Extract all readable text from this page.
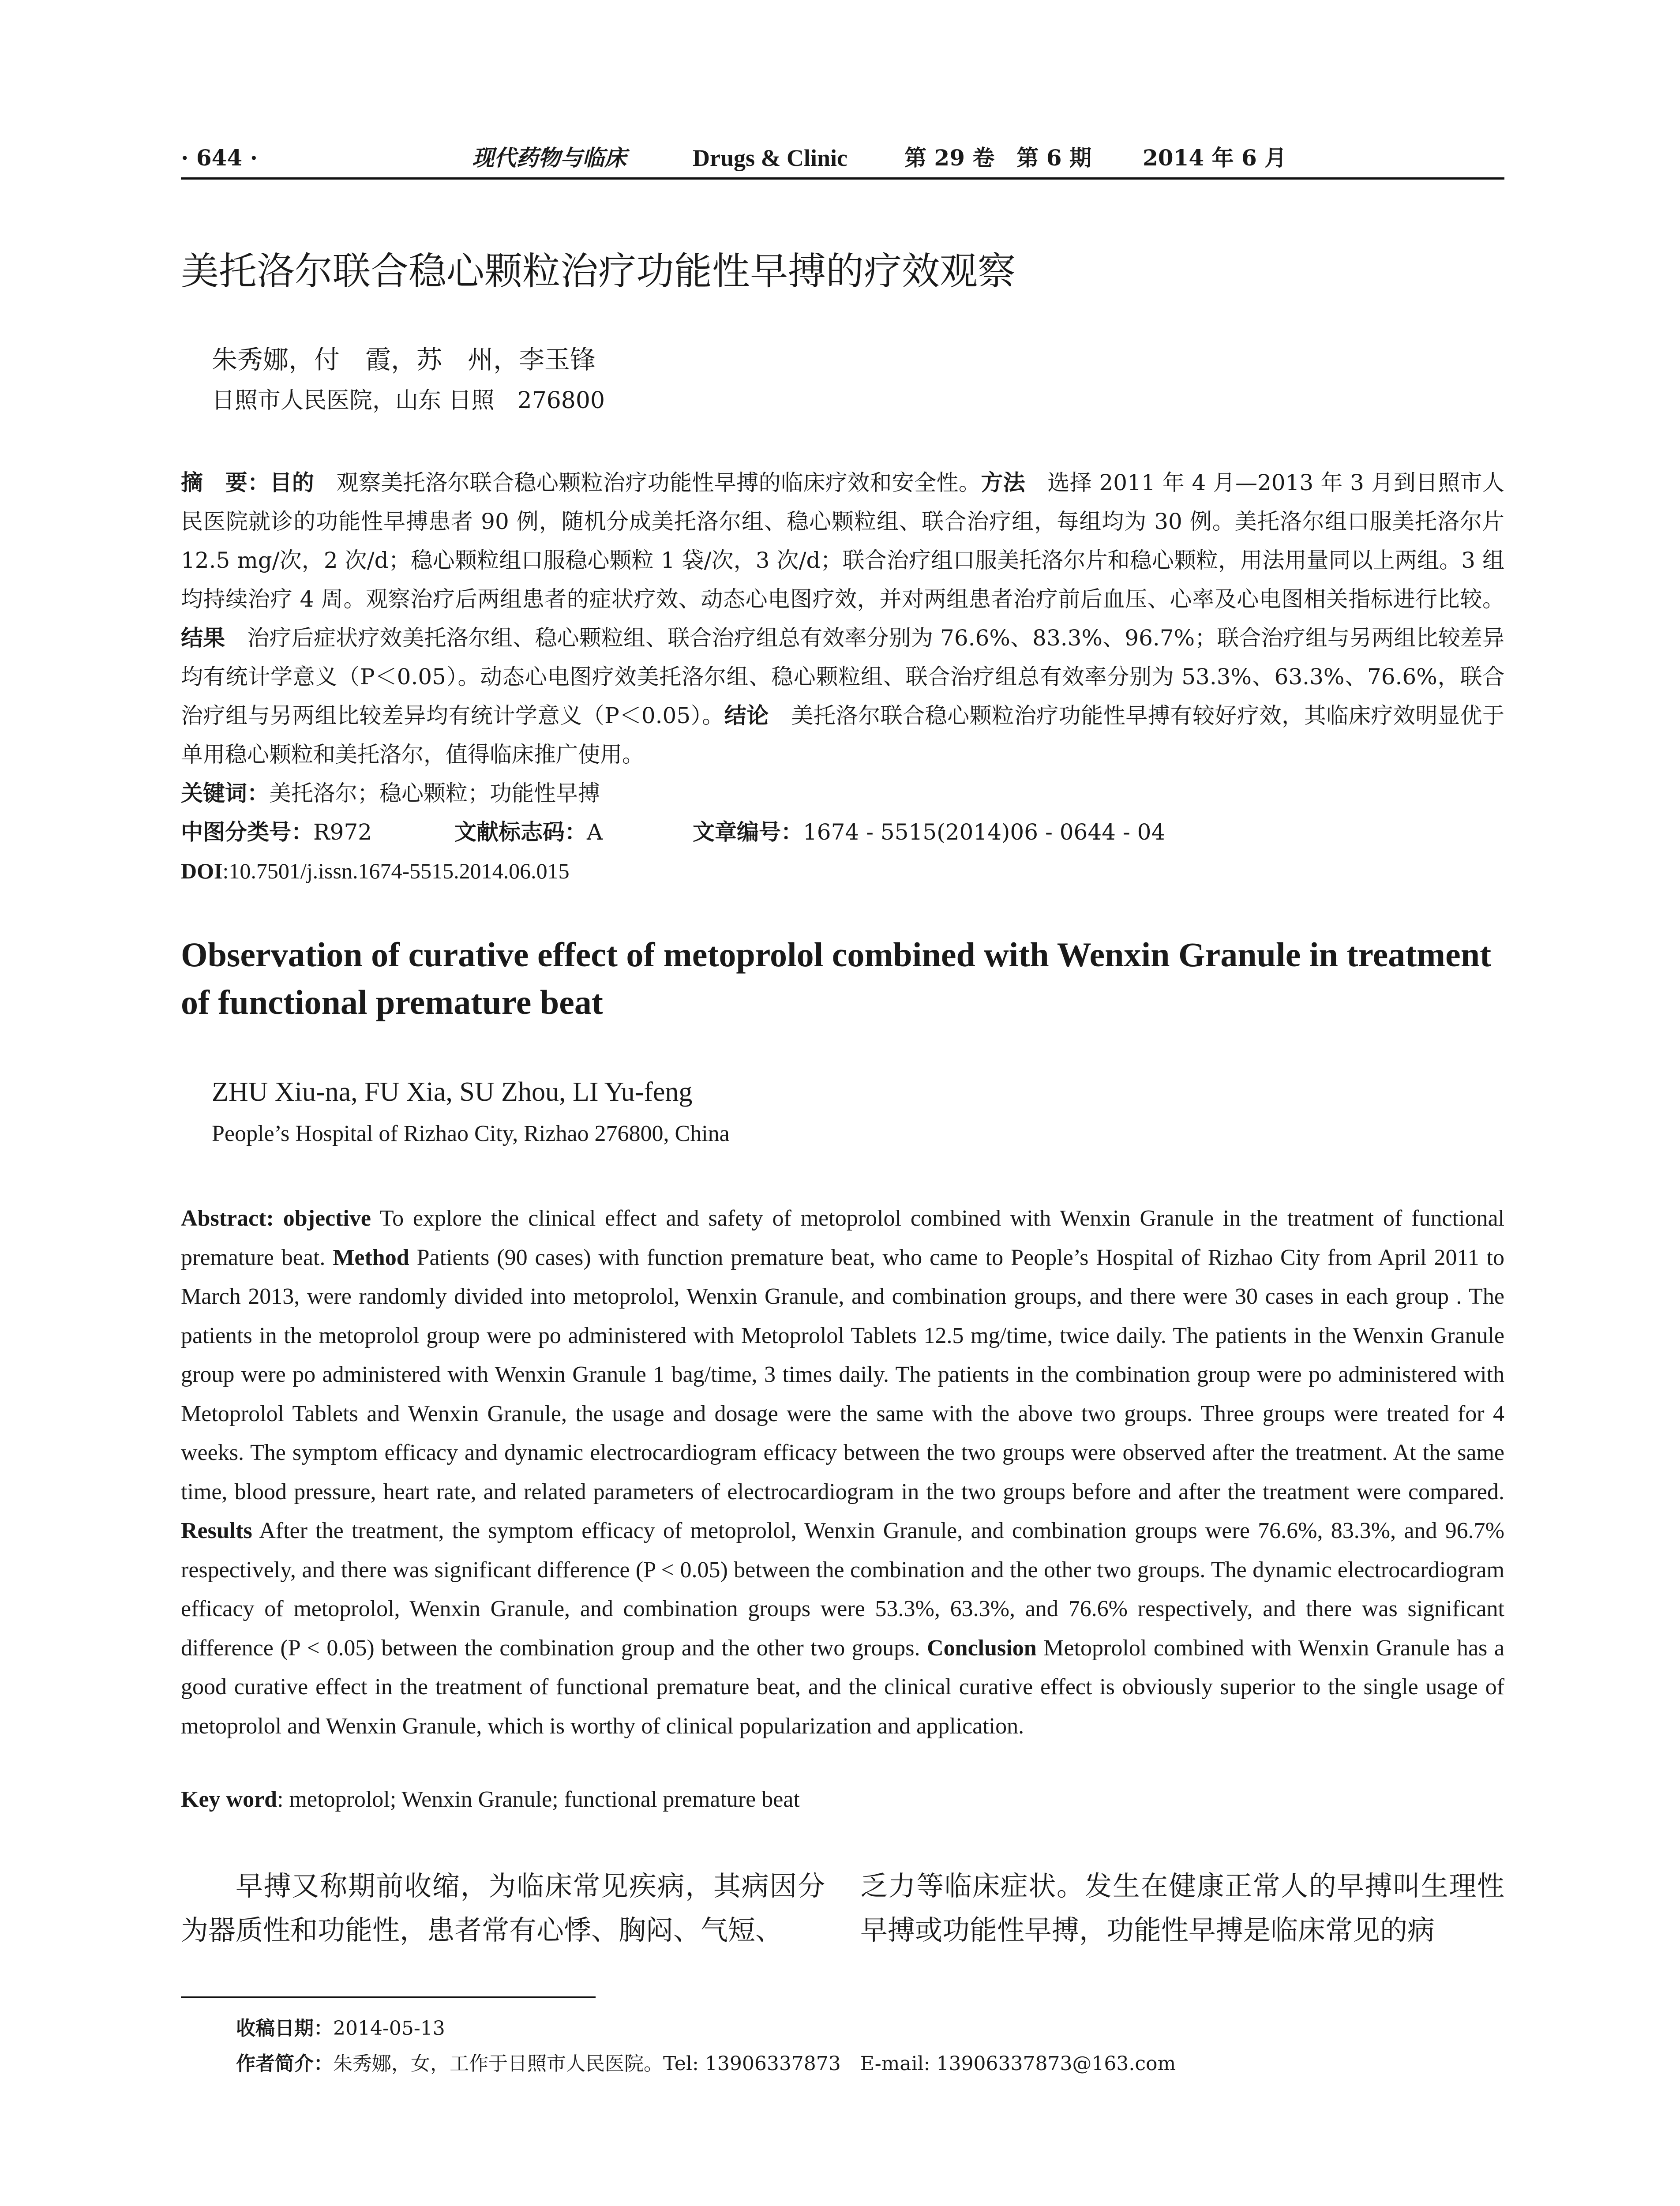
· 644 ·	现代药物与临床	Drugs & Clinic	第 29 卷　第 6 期 2014 年 6 月
美托洛尔联合稳心颗粒治疗功能性早搏的疗效观察
朱秀娜，付　霞，苏　州，李玉锋
日照市人民医院，山东 日照　276800
摘　要：目的　观察美托洛尔联合稳心颗粒治疗功能性早搏的临床疗效和安全性。方法　选择 2011 年 4 月—2013 年 3 月到日照市人民医院就诊的功能性早搏患者 90 例，随机分成美托洛尔组、稳心颗粒组、联合治疗组，每组均为 30 例。美托洛尔组口服美托洛尔片 12.5 mg/次，2 次/d；稳心颗粒组口服稳心颗粒 1 袋/次，3 次/d；联合治疗组口服美托洛尔片和稳心颗粒，用法用量同以上两组。3 组均持续治疗 4 周。观察治疗后两组患者的症状疗效、动态心电图疗效，并对两组患者治疗前后血压、心率及心电图相关指标进行比较。结果　治疗后症状疗效美托洛尔组、稳心颗粒组、联合治疗组总有效率分别为 76.6%、83.3%、96.7%；联合治疗组与另两组比较差异均有统计学意义（P＜0.05）。动态心电图疗效美托洛尔组、稳心颗粒组、联合治疗组总有效率分别为 53.3%、63.3%、76.6%，联合治疗组与另两组比较差异均有统计学意义（P＜0.05）。结论　美托洛尔联合稳心颗粒治疗功能性早搏有较好疗效，其临床疗效明显优于单用稳心颗粒和美托洛尔，值得临床推广使用。
关键词：美托洛尔；稳心颗粒；功能性早搏
中图分类号：R972	文献标志码：A	文章编号：1674 - 5515(2014)06 - 0644 - 04
DOI:10.7501/j.issn.1674-5515.2014.06.015
Observation of curative effect of metoprolol combined with Wenxin Granule in treatment of functional premature beat
ZHU Xiu-na, FU Xia, SU Zhou, LI Yu-feng
People’s Hospital of Rizhao City, Rizhao 276800, China
Abstract: objective To explore the clinical effect and safety of metoprolol combined with Wenxin Granule in the treatment of functional premature beat. Method Patients (90 cases) with function premature beat, who came to People’s Hospital of Rizhao City from April 2011 to March 2013, were randomly divided into metoprolol, Wenxin Granule, and combination groups, and there were 30 cases in each group . The patients in the metoprolol group were po administered with Metoprolol Tablets 12.5 mg/time, twice daily. The patients in the Wenxin Granule group were po administered with Wenxin Granule 1 bag/time, 3 times daily. The patients in the combination group were po administered with Metoprolol Tablets and Wenxin Granule, the usage and dosage were the same with the above two groups. Three groups were treated for 4 weeks. The symptom efficacy and dynamic electrocardiogram efficacy between the two groups were observed after the treatment. At the same time, blood pressure, heart rate, and related parameters of electrocardiogram in the two groups before and after the treatment were compared. Results After the treatment, the symptom efficacy of metoprolol, Wenxin Granule, and combination groups were 76.6%, 83.3%, and 96.7% respectively, and there was significant difference (P < 0.05) between the combination and the other two groups. The dynamic electrocardiogram efficacy of metoprolol, Wenxin Granule, and combination groups were 53.3%, 63.3%, and 76.6% respectively, and there was significant difference (P < 0.05) between the combination group and the other two groups. Conclusion Metoprolol combined with Wenxin Granule has a good curative effect in the treatment of functional premature beat, and the clinical curative effect is obviously superior to the single usage of metoprolol and Wenxin Granule, which is worthy of clinical popularization and application.
Key word: metoprolol; Wenxin Granule; functional premature beat
早搏又称期前收缩，为临床常见疾病，其病因分为器质性和功能性，患者常有心悸、胸闷、气短、
乏力等临床症状。发生在健康正常人的早搏叫生理性早搏或功能性早搏，功能性早搏是临床常见的病
收稿日期：2014-05-13
作者简介：朱秀娜，女，工作于日照市人民医院。Tel: 13906337873　E-mail: 13906337873@163.com
